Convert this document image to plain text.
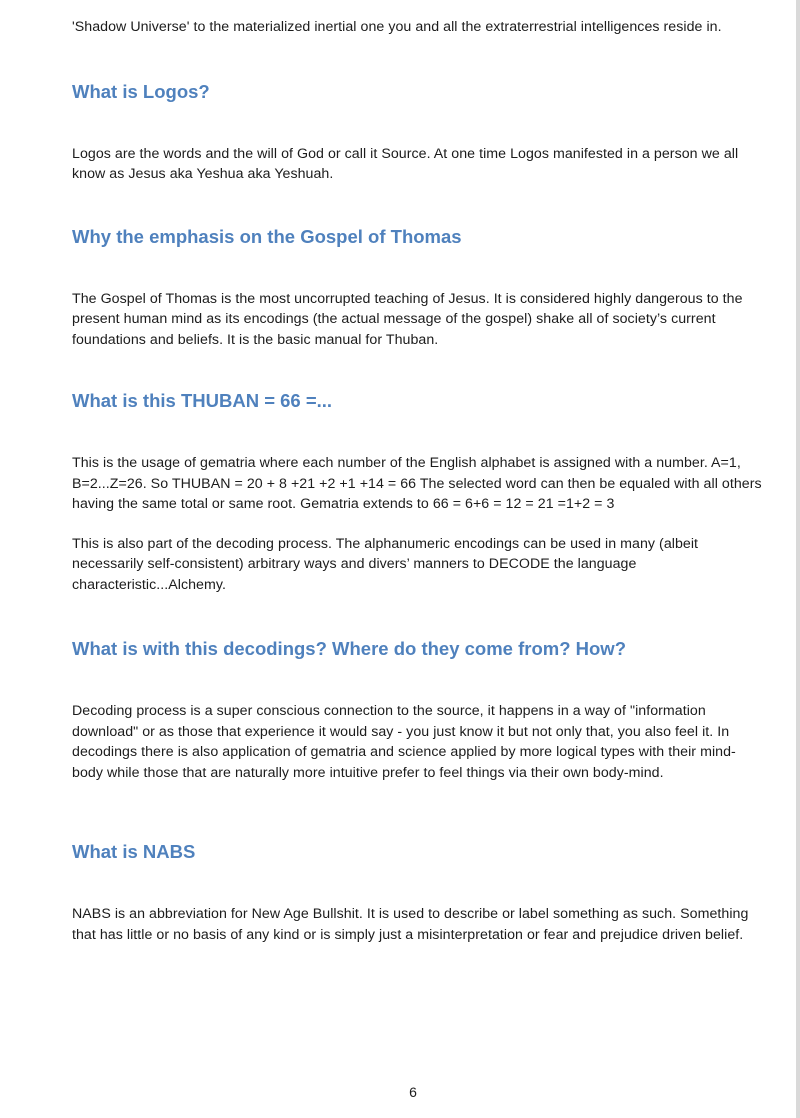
'Shadow Universe' to the materialized inertial one you and all the extraterrestrial intelligences reside in.

What is Logos?

Logos are the words and the will of God or call it Source. At one time Logos manifested in a person we all know as Jesus aka Yeshua aka Yeshuah.

Why the emphasis on the Gospel of Thomas

The Gospel of Thomas is the most uncorrupted teaching of Jesus. It is considered highly dangerous to the present human mind as its encodings (the actual message of the gospel) shake all of society’s current foundations and beliefs. It is the basic manual for Thuban.

What is this THUBAN = 66 =...

This is the usage of gematria where each number of the English alphabet is assigned with a number. A=1, B=2...Z=26. So THUBAN = 20 + 8 +21 +2 +1 +14 = 66 The selected word can then be equaled with all others having the same total or same root. Gematria extends to 66 = 6+6 = 12 = 21 =1+2 = 3

This is also part of the decoding process. The alphanumeric encodings can be used in many (albeit necessarily self-consistent) arbitrary ways and divers’ manners to DECODE the language characteristic...Alchemy.

What is with this decodings? Where do they come from? How?

Decoding process is a super conscious connection to the source, it happens in a way of "information download" or as those that experience it would say - you just know it but not only that, you also feel it. In decodings there is also application of gematria and science applied by more logical types with their mind-body while those that are naturally more intuitive prefer to feel things via their own body-mind.

What is NABS

NABS is an abbreviation for New Age Bullshit. It is used to describe or label something as such. Something that has little or no basis of any kind or is simply just a misinterpretation or fear and prejudice driven belief.

6
